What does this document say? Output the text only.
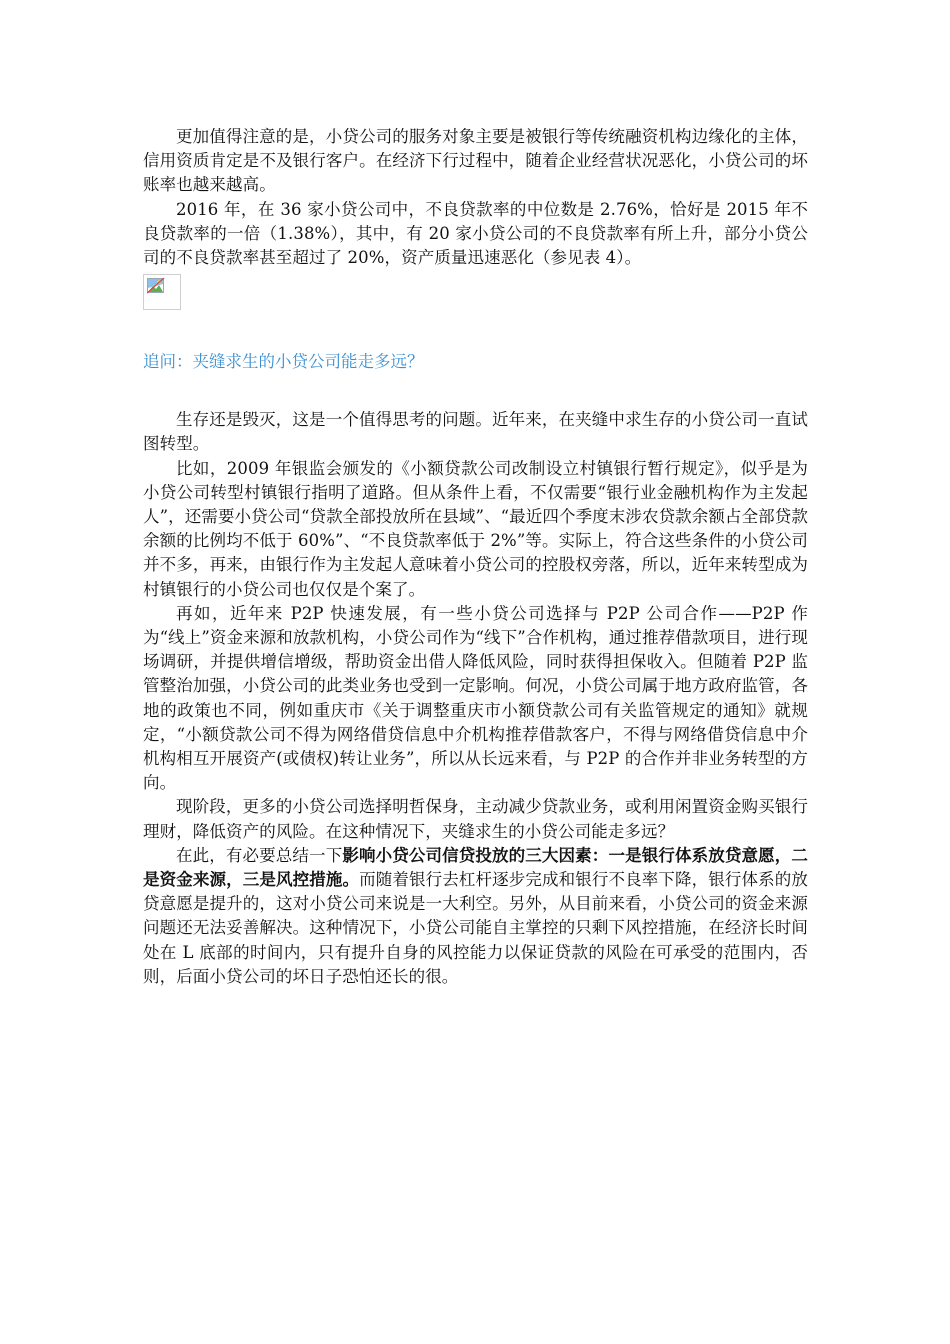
更加值得注意的是，小贷公司的服务对象主要是被银行等传统融资机构边缘化的主体，信用资质肯定是不及银行客户。在经济下行过程中，随着企业经营状况恶化，小贷公司的坏账率也越来越高。

2016 年，在 36 家小贷公司中，不良贷款率的中位数是 2.76%，恰好是 2015 年不良贷款率的一倍（1.38%），其中，有 20 家小贷公司的不良贷款率有所上升，部分小贷公司的不良贷款率甚至超过了 20%，资产质量迅速恶化（参见表 4）。

追问：夹缝求生的小贷公司能走多远？

生存还是毁灭，这是一个值得思考的问题。近年来，在夹缝中求生存的小贷公司一直试图转型。

比如，2009 年银监会颁发的《小额贷款公司改制设立村镇银行暂行规定》，似乎是为小贷公司转型村镇银行指明了道路。但从条件上看，不仅需要“银行业金融机构作为主发起人”，还需要小贷公司“贷款全部投放所在县域”、“最近四个季度末涉农贷款余额占全部贷款余额的比例均不低于 60%”、“不良贷款率低于 2%”等。实际上，符合这些条件的小贷公司并不多，再来，由银行作为主发起人意味着小贷公司的控股权旁落，所以，近年来转型成为村镇银行的小贷公司也仅仅是个案了。

再如，近年来 P2P 快速发展，有一些小贷公司选择与 P2P 公司合作——P2P 作为“线上”资金来源和放款机构，小贷公司作为“线下”合作机构，通过推荐借款项目，进行现场调研，并提供增信增级，帮助资金出借人降低风险，同时获得担保收入。但随着 P2P 监管整治加强，小贷公司的此类业务也受到一定影响。何况，小贷公司属于地方政府监管，各地的政策也不同，例如重庆市《关于调整重庆市小额贷款公司有关监管规定的通知》就规定，“小额贷款公司不得为网络借贷信息中介机构推荐借款客户，不得与网络借贷信息中介机构相互开展资产(或债权)转让业务”，所以从长远来看，与 P2P 的合作并非业务转型的方向。

现阶段，更多的小贷公司选择明哲保身，主动减少贷款业务，或利用闲置资金购买银行理财，降低资产的风险。在这种情况下，夹缝求生的小贷公司能走多远？

在此，有必要总结一下影响小贷公司信贷投放的三大因素：一是银行体系放贷意愿，二是资金来源，三是风控措施。而随着银行去杠杆逐步完成和银行不良率下降，银行体系的放贷意愿是提升的，这对小贷公司来说是一大利空。另外，从目前来看，小贷公司的资金来源问题还无法妥善解决。这种情况下，小贷公司能自主掌控的只剩下风控措施，在经济长时间处在 L 底部的时间内，只有提升自身的风控能力以保证贷款的风险在可承受的范围内，否则，后面小贷公司的坏日子恐怕还长的很。
